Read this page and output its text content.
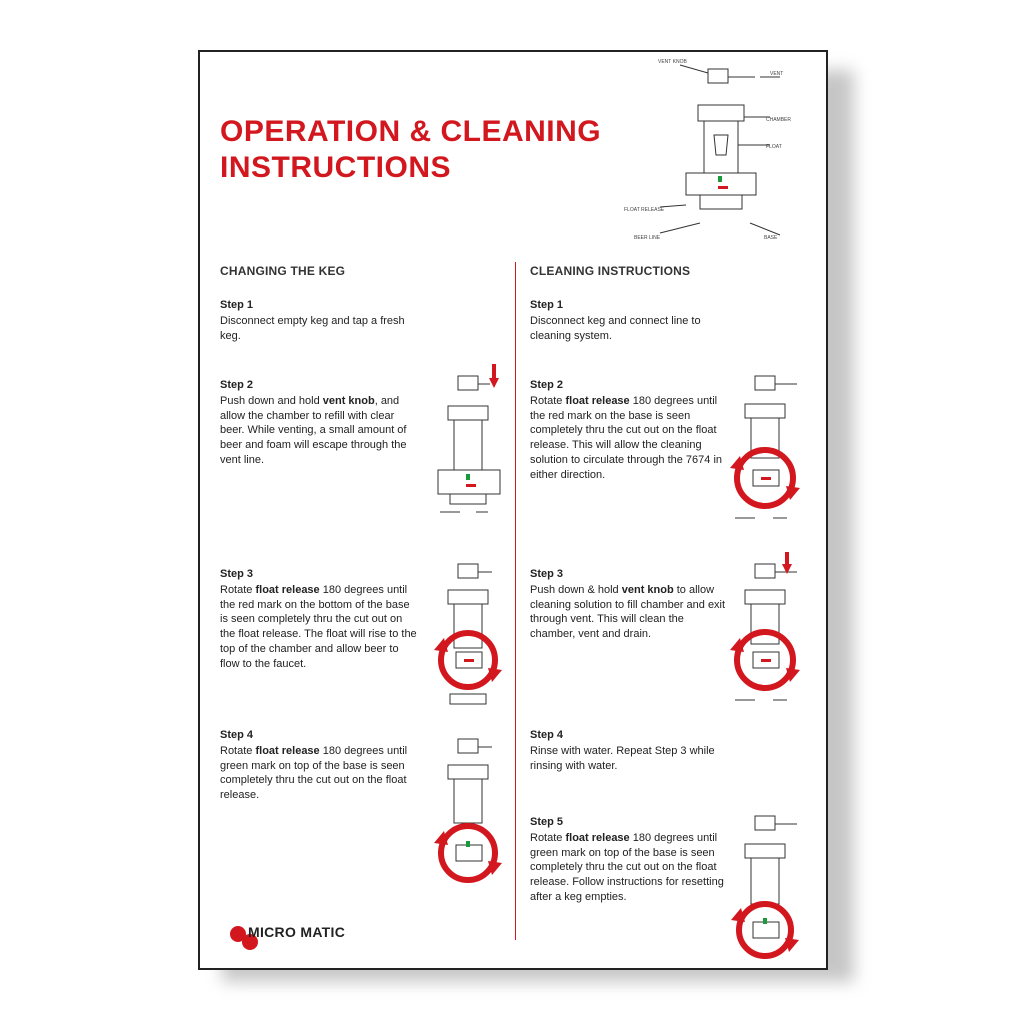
OPERATION & CLEANING
INSTRUCTIONS
VENT KNOB
VENT
CHAMBER
FLOAT
FLOAT RELEASE
BEER LINE	BASE
CHANGING THE KEG	CLEANING INSTRUCTIONS
Step 1
Disconnect empty keg and tap a fresh keg.
Step 2
Push down and hold vent knob, and allow the chamber to refill with clear beer. While venting, a small amount of beer and foam will escape through the vent line.
Step 3
Rotate float release 180 degrees until the red mark on the bottom of the base is seen completely thru the cut out on the float release. The float will rise to the top of the chamber and allow beer to flow to the faucet.
Step 4
Rotate float release 180 degrees until green mark on top of the base is seen completely thru the cut out on the float release.
Step 1
Disconnect keg and connect line to cleaning system.
Step 2
Rotate float release 180 degrees until the red mark on the base is seen completely thru the cut out on the float release. This will allow the cleaning solution to circulate through the 7674 in either direction.
Step 3
Push down & hold vent knob to allow cleaning solution to fill chamber and exit through vent. This will clean the chamber, vent and drain.
Step 4
Rinse with water. Repeat Step 3 while rinsing with water.
Step 5
Rotate float release 180 degrees until green mark on top of the base is seen completely thru the cut out on the float release. Follow instructions for resetting after a keg empties.
MICRO MATIC
